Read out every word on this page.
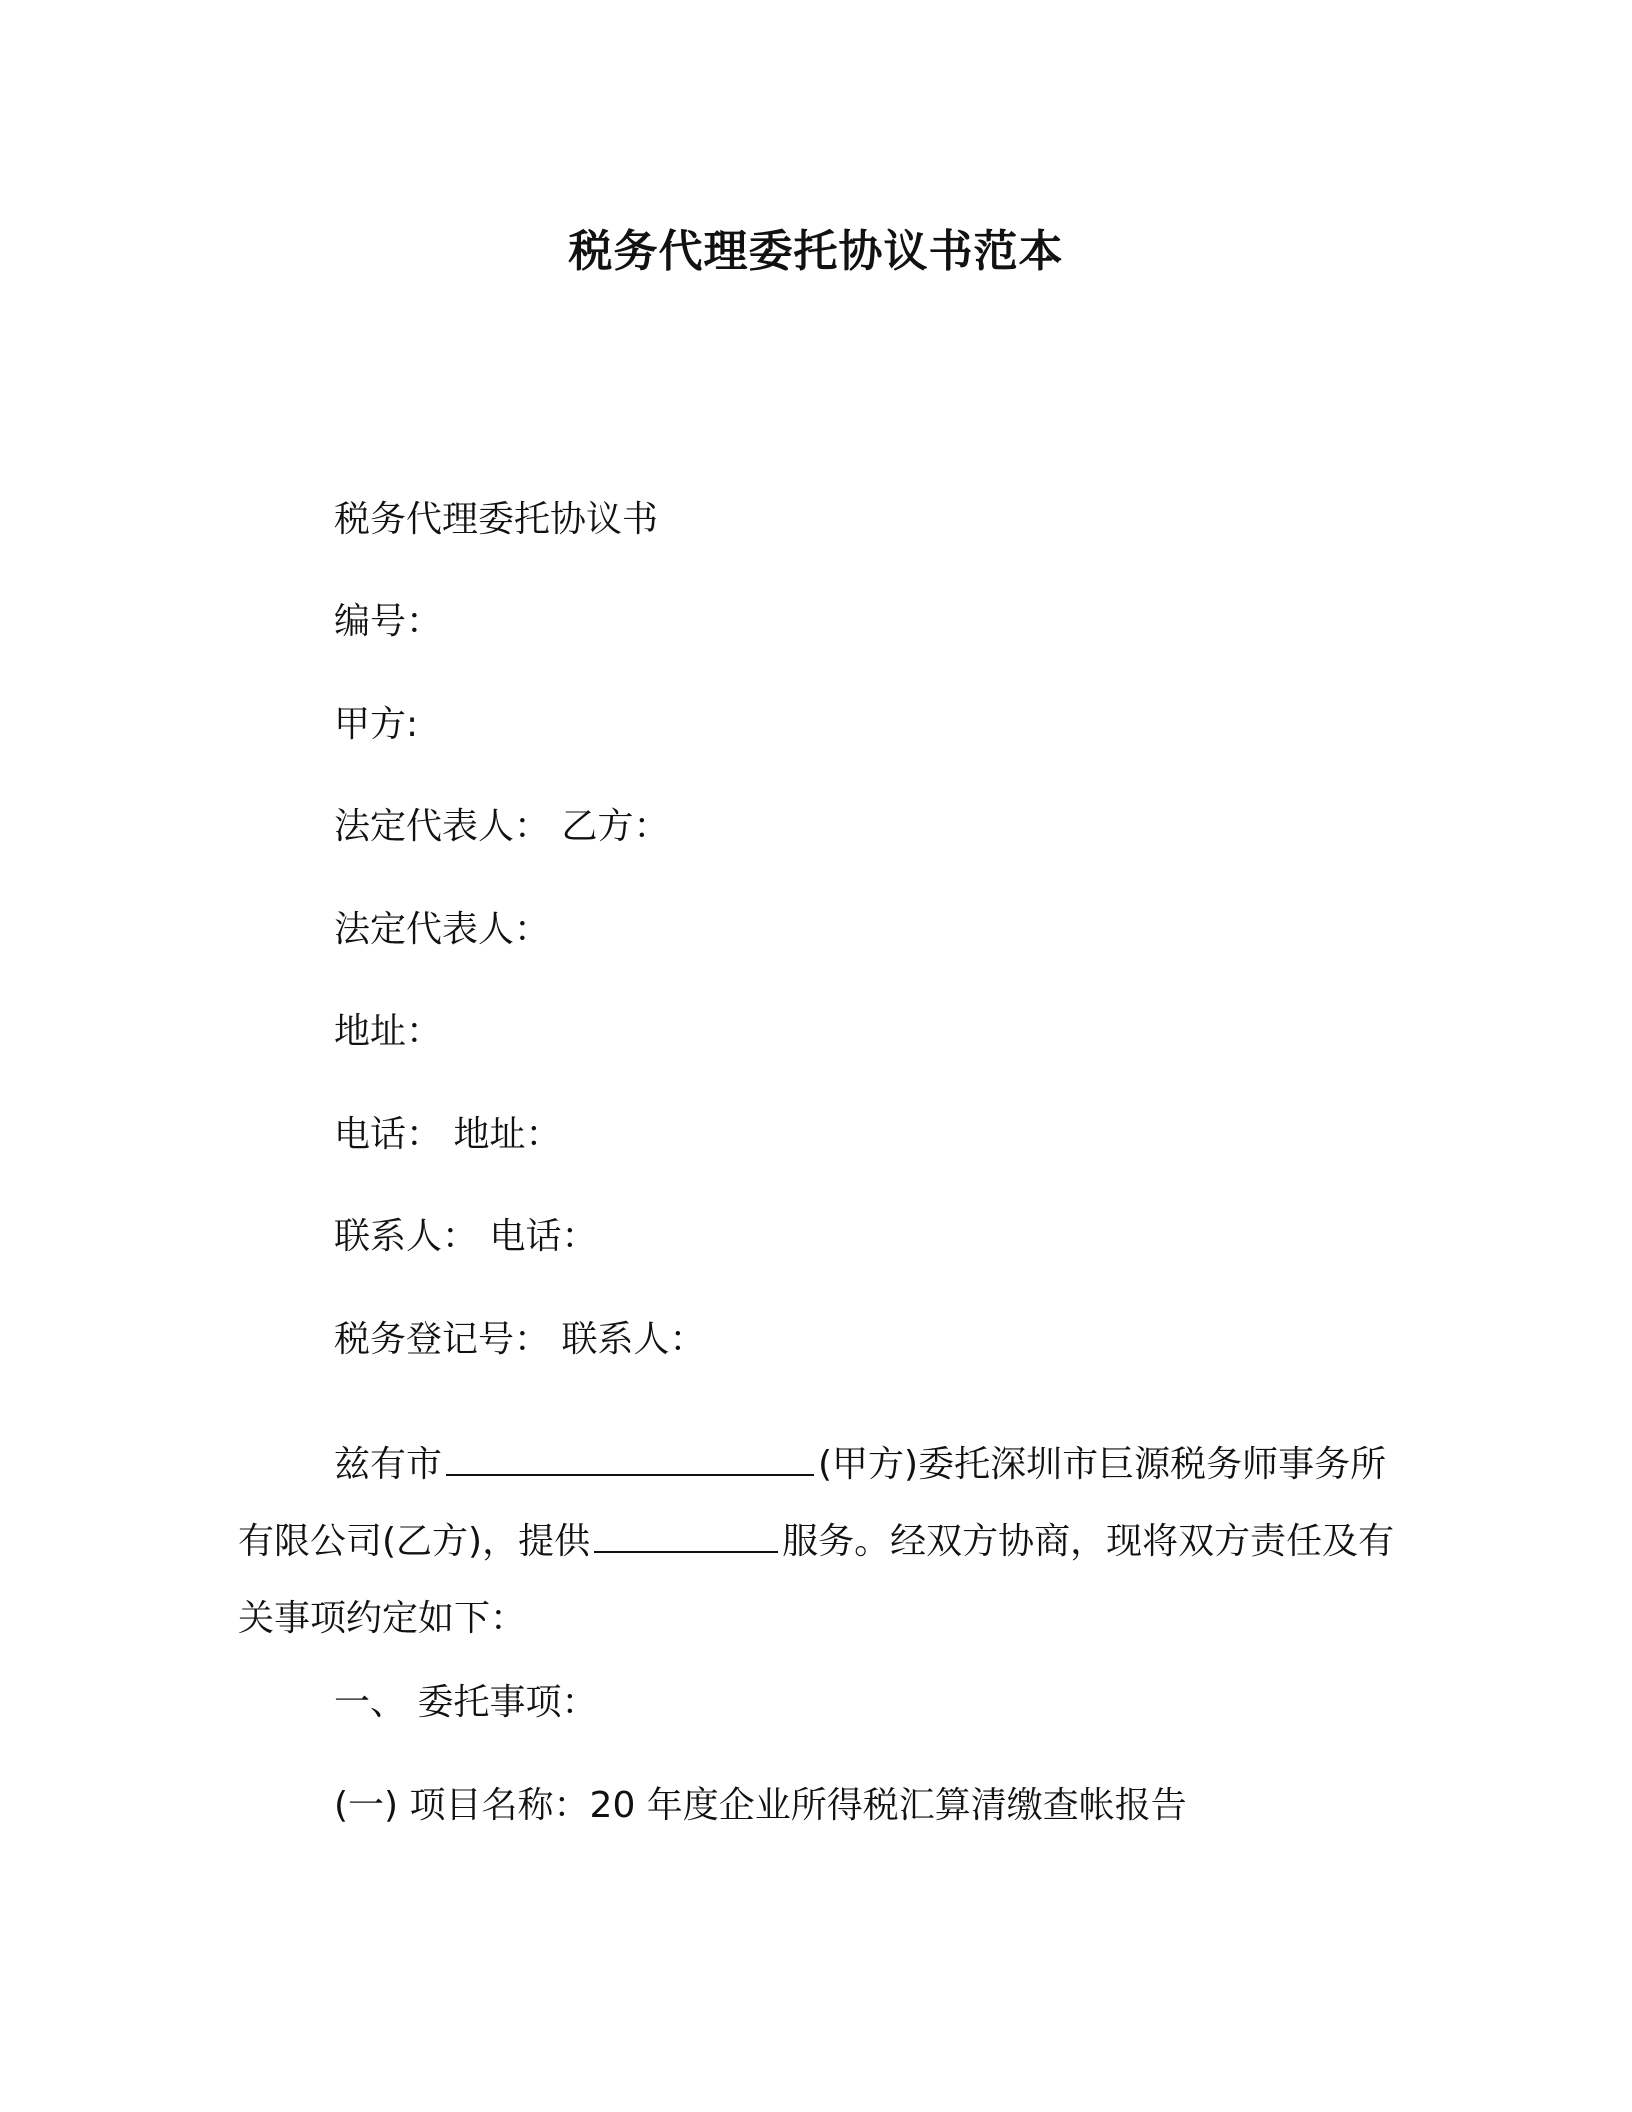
税务代理委托协议书范本
税务代理委托协议书
编号：
甲方:
法定代表人： 乙方：
法定代表人：
地址：
电话： 地址：
联系人： 电话：
税务登记号： 联系人：
兹有市	(甲方)委托深圳市巨源税务师事务所有限公司(乙方)，提供	服务。经双方协商，现将双方责任及有关事项约定如下：
一、 委托事项：
(一) 项目名称：20 年度企业所得税汇算清缴查帐报告
